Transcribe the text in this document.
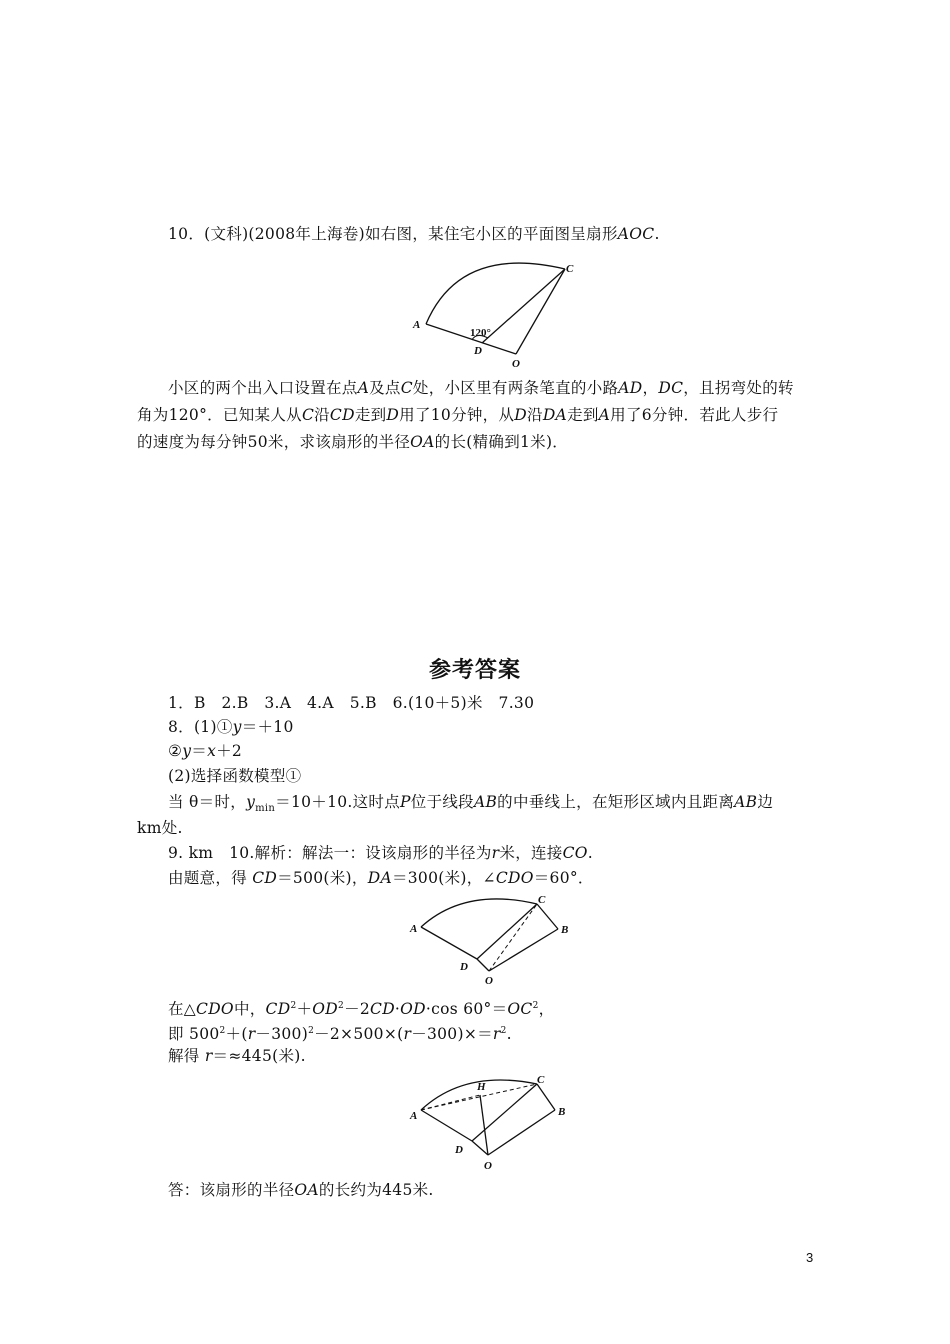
10．(文科)(2008年上海卷)如右图，某住宅小区的平面图呈扇形AOC.
A
C
D
O
120°
小区的两个出入口设置在点A及点C处，小区里有两条笔直的小路AD，DC，且拐弯处的转
角为120°．已知某人从C沿CD走到D用了10分钟，从D沿DA走到A用了6分钟．若此人步行
的速度为每分钟50米，求该扇形的半径OA的长(精确到1米)．
参考答案
1．B　2.B　3.A　4.A　5.B　6.(10＋5)米　7.30
8．(1)①y＝＋10
②y＝x＋2
(2)选择函数模型①
当 θ＝时，$y_{min}=10+10$.这时点P位于线段AB的中垂线上，在矩形区域内且距离AB边
km处.
9. km　10.解析：解法一：设该扇形的半径为r米，连接CO.
由题意，得 CD＝500(米)，DA＝300(米)，∠CDO＝60°．
A	B
C
D
O
在△CDO中，$CD^2+OD^2-2CD\cdot OD\cdot\cos$ $60^\circ=OC^2$，
即 $500^2+(r-300)^2-2\times 500\times(r-300)\times=r^2$.
解得 r＝≈445(米).
A	B
C
D
H
O
答：该扇形的半径OA的长约为445米.
3
